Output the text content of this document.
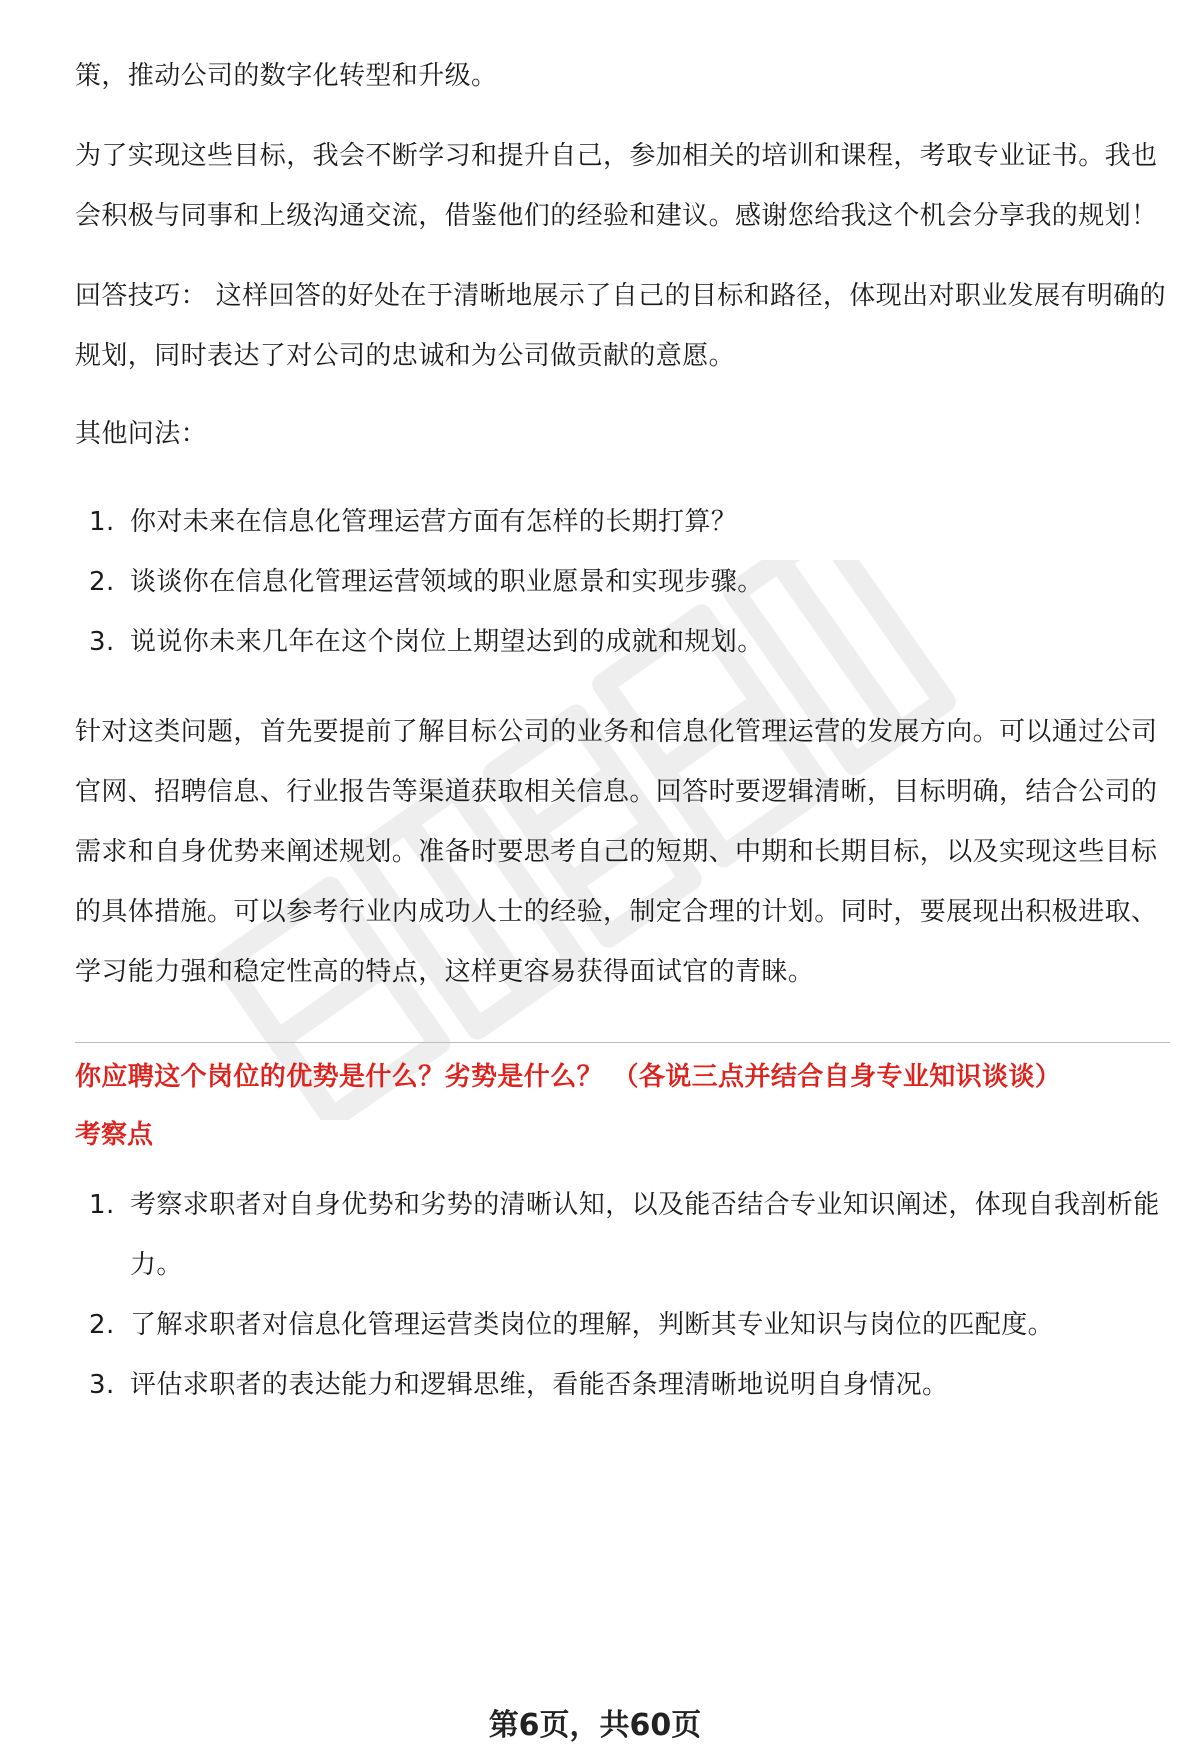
策，推动公司的数字化转型和升级。

为了实现这些目标，我会不断学习和提升自己，参加相关的培训和课程，考取专业证书。我也会积极与同事和上级沟通交流，借鉴他们的经验和建议。感谢您给我这个机会分享我的规划！

回答技巧： 这样回答的好处在于清晰地展示了自己的目标和路径，体现出对职业发展有明确的规划，同时表达了对公司的忠诚和为公司做贡献的意愿。

其他问法：

1. 你对未来在信息化管理运营方面有怎样的长期打算？
2. 谈谈你在信息化管理运营领域的职业愿景和实现步骤。
3. 说说你未来几年在这个岗位上期望达到的成就和规划。

针对这类问题，首先要提前了解目标公司的业务和信息化管理运营的发展方向。可以通过公司官网、招聘信息、行业报告等渠道获取相关信息。回答时要逻辑清晰，目标明确，结合公司的需求和自身优势来阐述规划。准备时要思考自己的短期、中期和长期目标，以及实现这些目标的具体措施。可以参考行业内成功人士的经验，制定合理的计划。同时，要展现出积极进取、学习能力强和稳定性高的特点，这样更容易获得面试官的青睐。

你应聘这个岗位的优势是什么？劣势是什么？ （各说三点并结合自身专业知识谈谈）
考察点
1. 考察求职者对自身优势和劣势的清晰认知，以及能否结合专业知识阐述，体现自我剖析能力。
2. 了解求职者对信息化管理运营类岗位的理解，判断其专业知识与岗位的匹配度。
3. 评估求职者的表达能力和逻辑思维，看能否条理清晰地说明自身情况。
第6页，共60页
